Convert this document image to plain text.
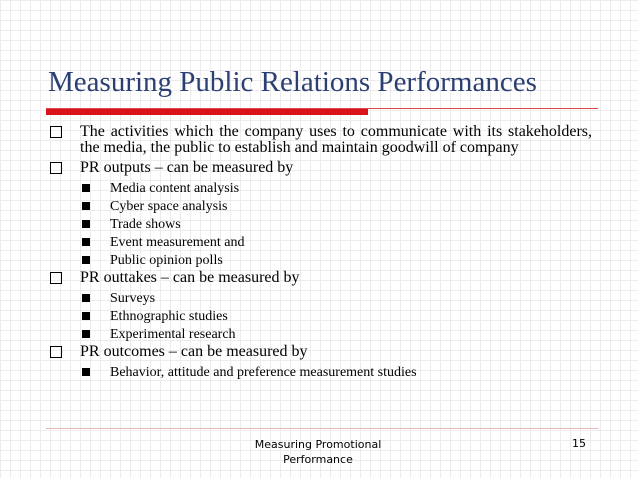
Measuring Public Relations Performances
The activities which the company uses to communicate with its stakeholders, the media, the public to establish and maintain goodwill of company
PR outputs – can be measured by
Media content analysis
Cyber space analysis
Trade shows
Event measurement and
Public opinion polls
PR outtakes – can be measured by
Surveys
Ethnographic studies
Experimental research
PR outcomes – can be measured by
Behavior, attitude and preference measurement studies
Measuring Promotional
Performance
15
